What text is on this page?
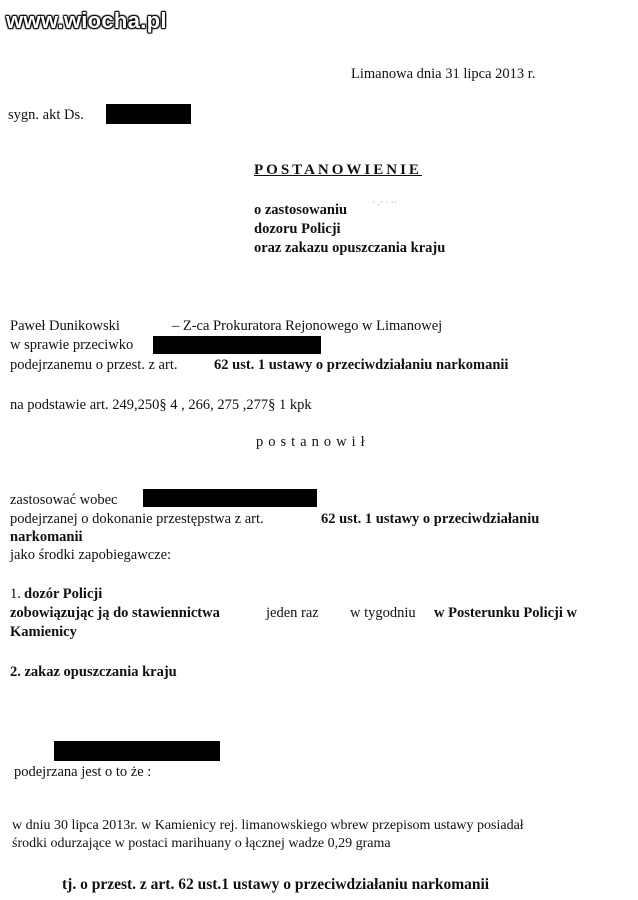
www.wiocha.pl
Limanowa dnia 31 lipca 2013 r.
sygn. akt Ds.
POSTANOWIENIE
o zastosowaniu	˙ ·ˊ ˙ ˙ˋ
dozoru Policji
oraz zakazu opuszczania kraju
Paweł Dunikowski	– Z-ca Prokuratora Rejonowego w Limanowej
w sprawie przeciwko
podejrzanemu o przest. z art.	62 ust. 1 ustawy o przeciwdziałaniu narkomanii
na podstawie art. 249,250§ 4 , 266, 275 ,277§ 1 kpk
postanowił
zastosować wobec
podejrzanej o dokonanie przestępstwa z art.	62 ust. 1 ustawy o przeciwdziałaniu
narkomanii
jako środki zapobiegawcze:
1. dozór Policji
zobowiązując ją do stawiennictwa	jeden raz w tygodniu w Posterunku Policji w
Kamienicy
2. zakaz opuszczania kraju
podejrzana jest o to że :
w dniu 30 lipca 2013r. w Kamienicy rej. limanowskiego wbrew przepisom ustawy posiadał
środki odurzające w postaci marihuany o łącznej wadze 0,29 grama
tj. o przest. z art. 62 ust.1 ustawy o przeciwdziałaniu narkomanii
